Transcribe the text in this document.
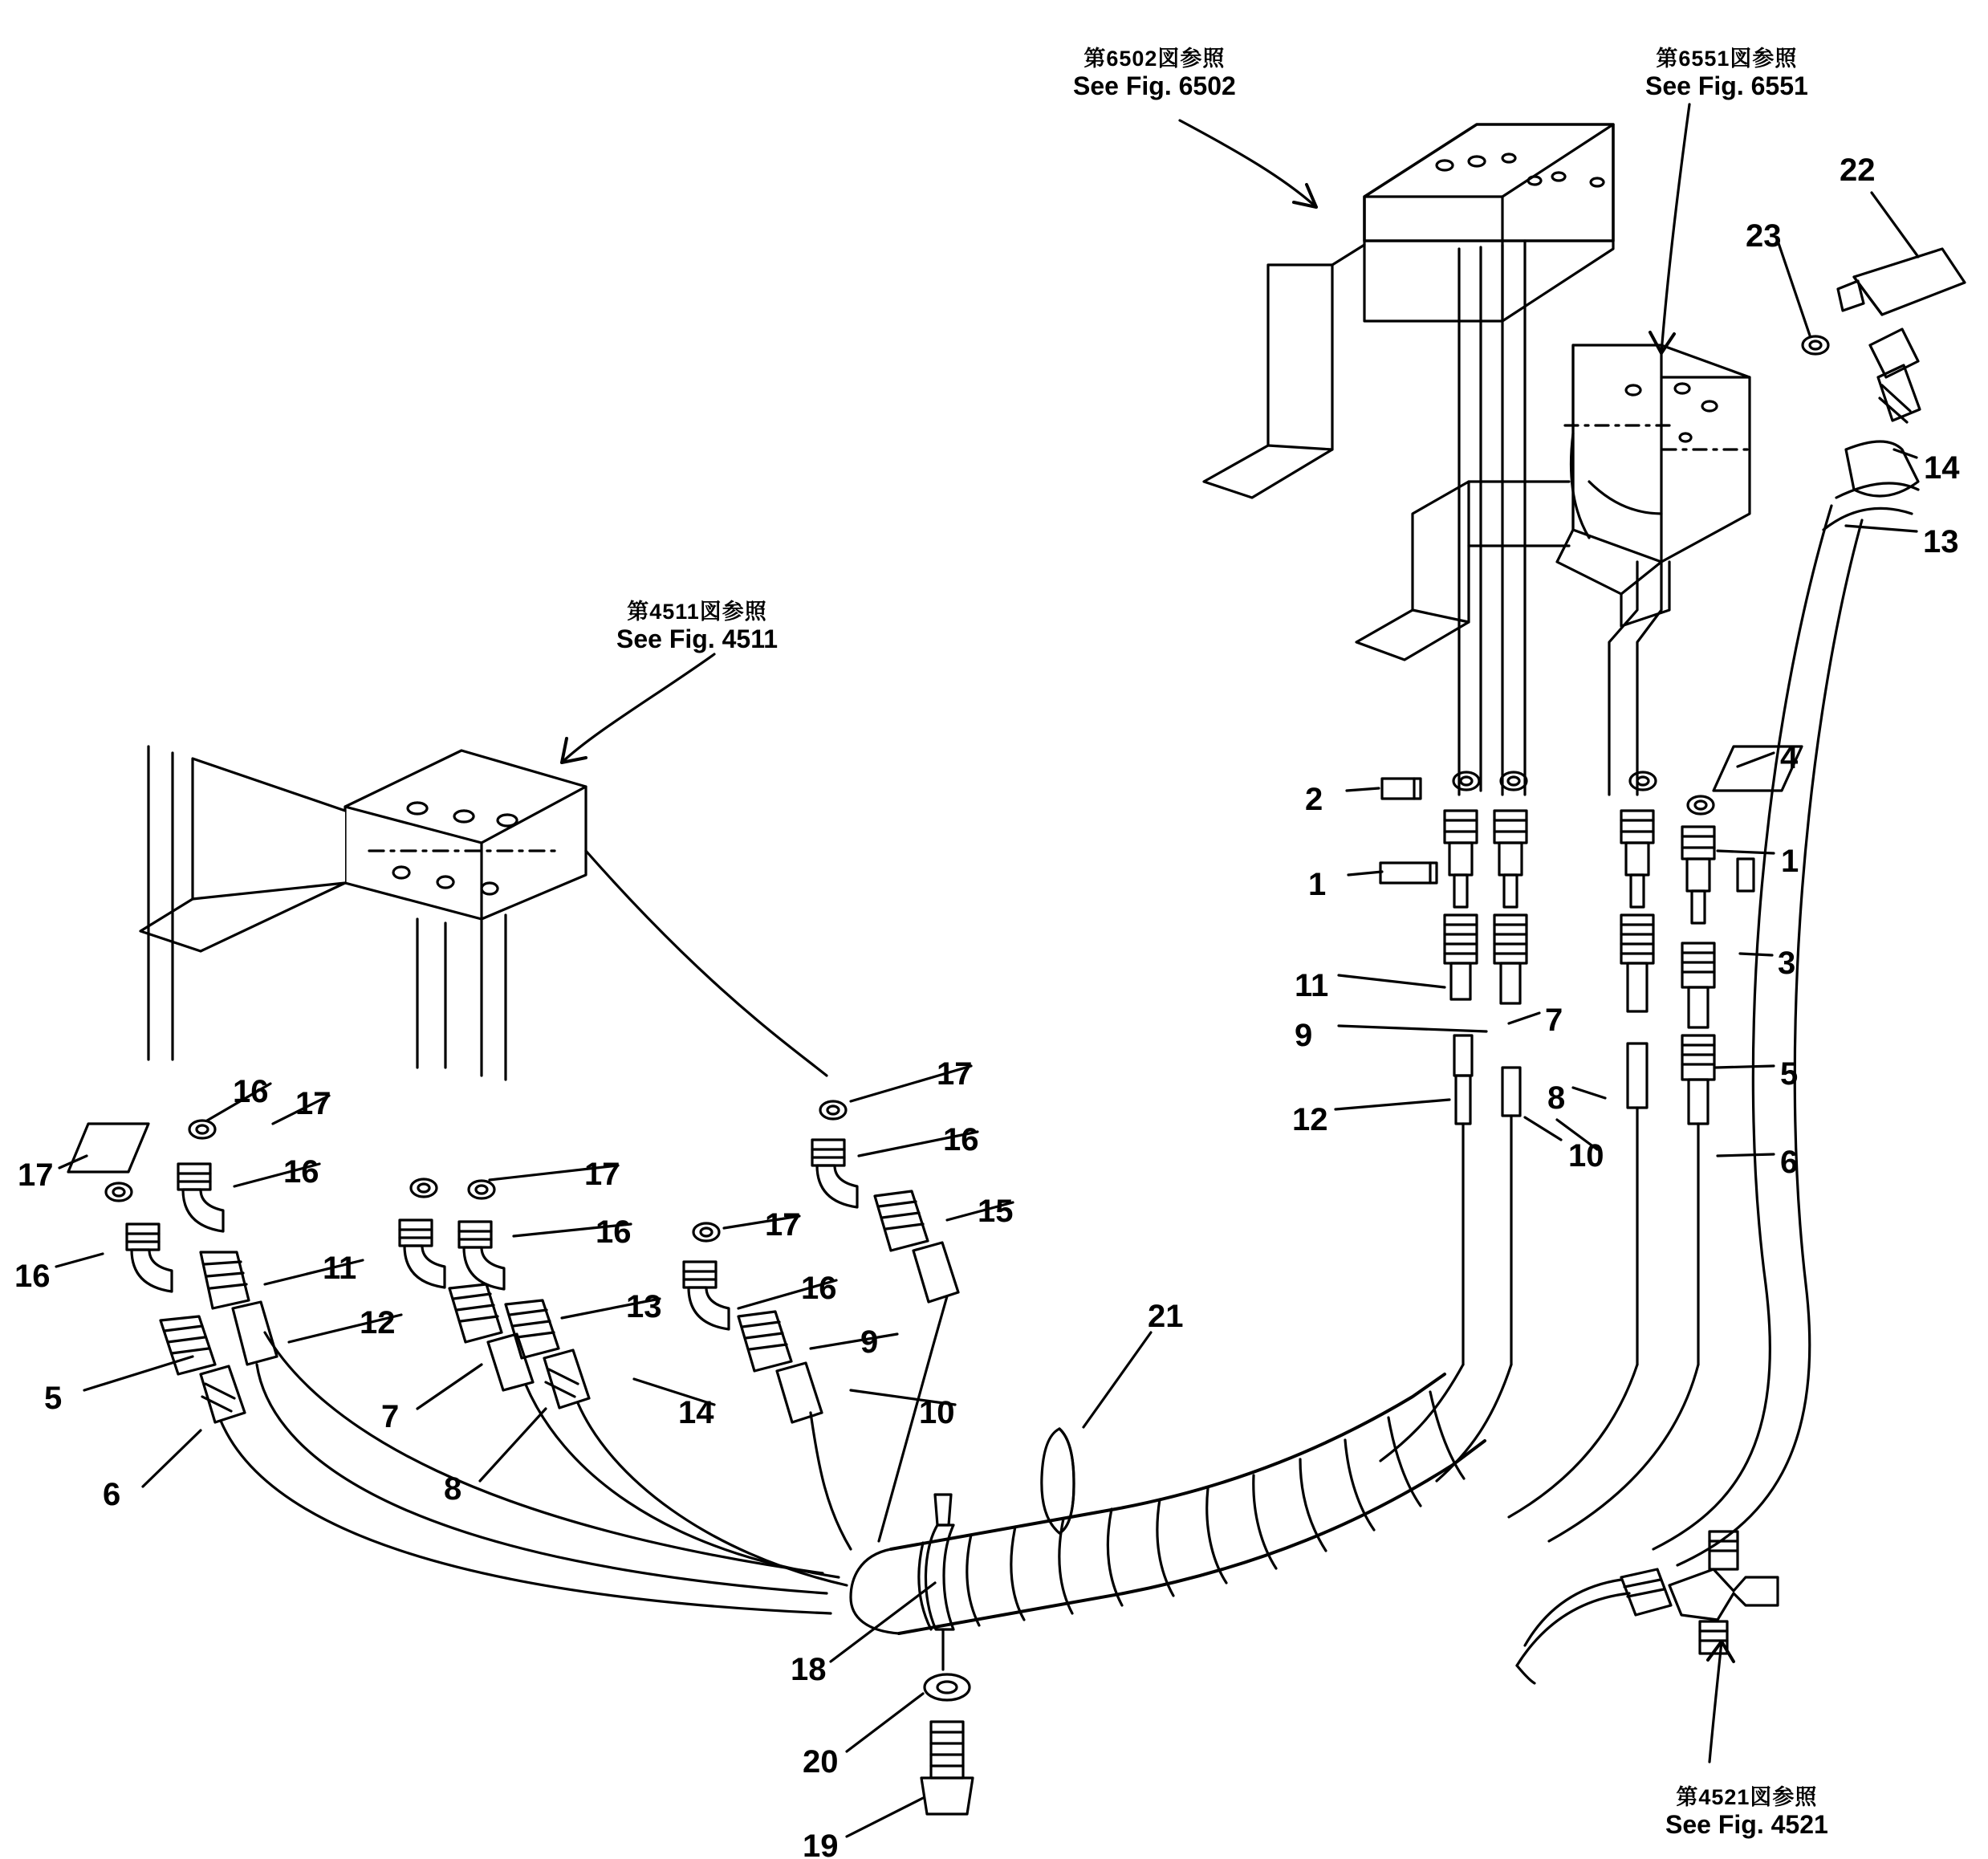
第6502図参照
See Fig. 6502
第6551図参照
See Fig. 6551
第4511図参照
See Fig. 4511
第4521図参照
See Fig. 4521
22
23
14
13
4
2
1
1
3
11
9	7
5
8
12
6
10
17
16
16 17
16	17
17
16	17	15
16	11
13
16
12
9
21
5
7	14	10
6	8
18
20
19
